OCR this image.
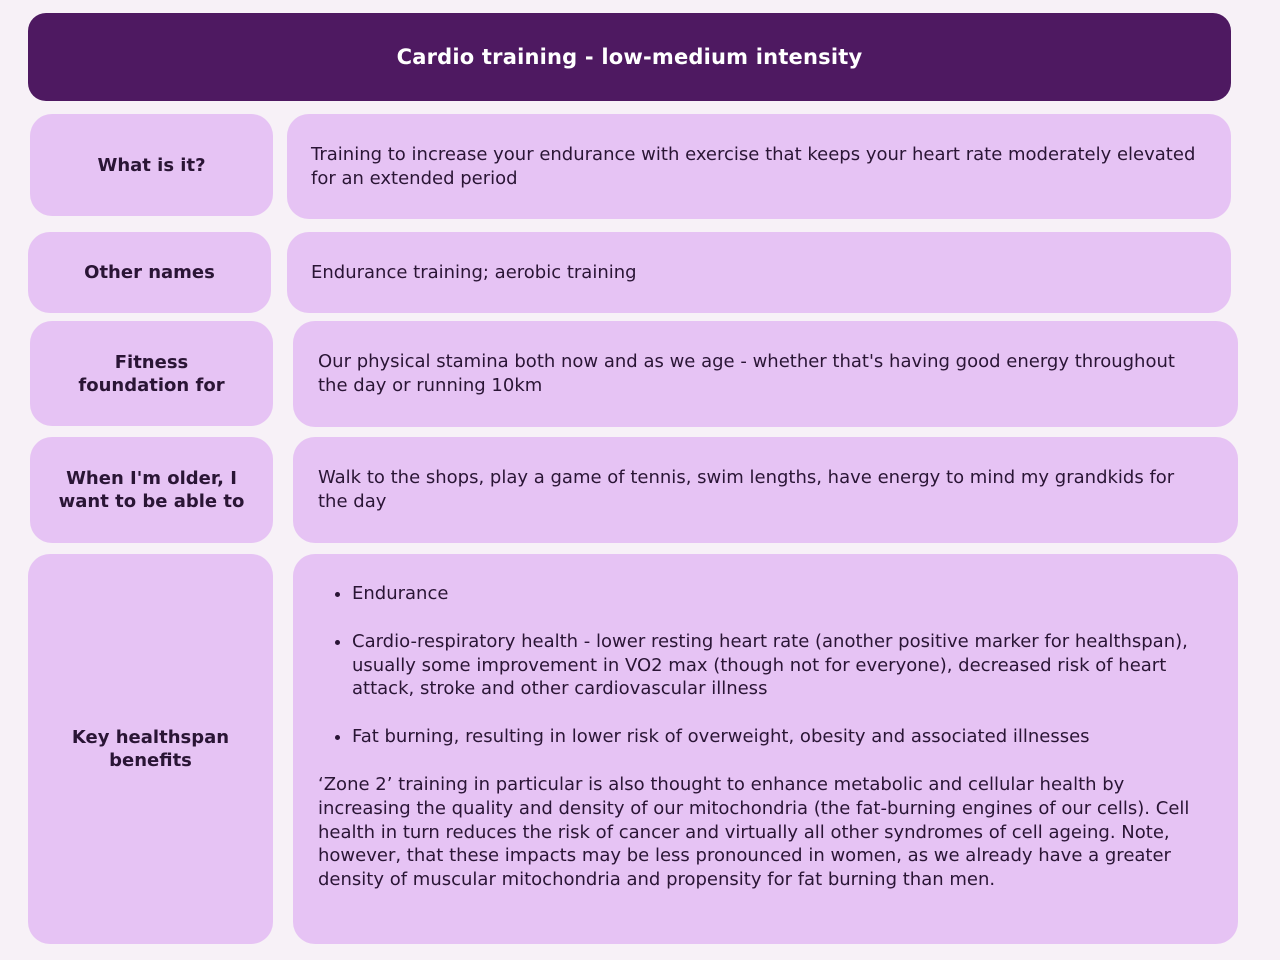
Cardio training - low-medium intensity
What is it?
Training to increase your endurance with exercise that keeps your heart rate moderately elevated for an extended period
Other names	Endurance training; aerobic training
Fitness foundation for
Our physical stamina both now and as we age - whether that's having good energy throughout the day or running 10km
When I'm older, I want to be able to
Walk to the shops, play a game of tennis, swim lengths, have energy to mind my grandkids for the day
Key healthspan benefits
• Endurance
• Cardio-respiratory health - lower resting heart rate (another positive marker for healthspan), usually some improvement in VO2 max (though not for everyone), decreased risk of heart attack, stroke and other cardiovascular illness
• Fat burning, resulting in lower risk of overweight, obesity and associated illnesses

‘Zone 2’ training in particular is also thought to enhance metabolic and cellular health by increasing the quality and density of our mitochondria (the fat-burning engines of our cells). Cell health in turn reduces the risk of cancer and virtually all other syndromes of cell ageing. Note, however, that these impacts may be less pronounced in women, as we already have a greater density of muscular mitochondria and propensity for fat burning than men.
